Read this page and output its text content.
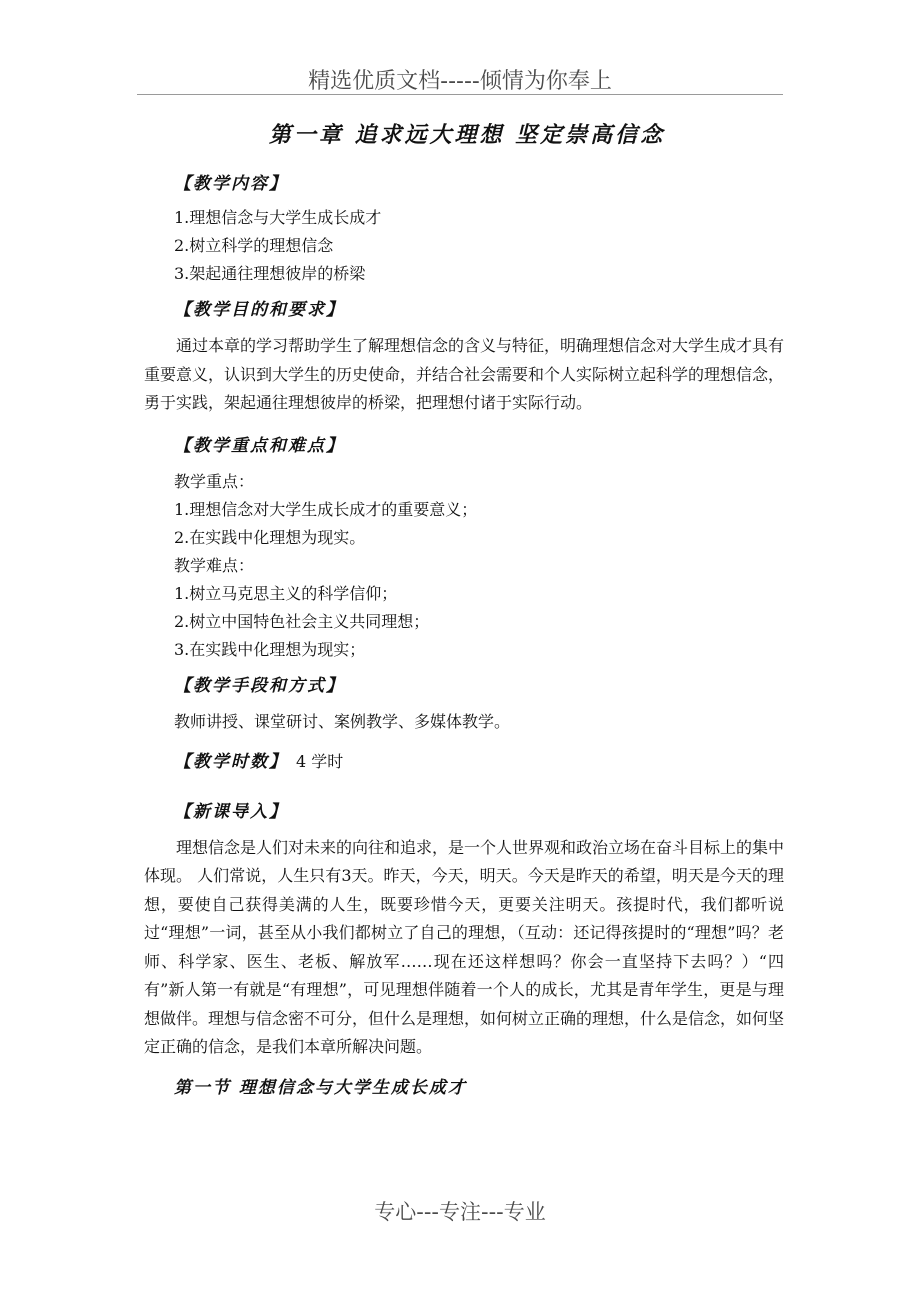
精选优质文档-----倾情为你奉上
第一章 追求远大理想 坚定崇高信念
【教学内容】
1.理想信念与大学生成长成才
2.树立科学的理想信念
3.架起通往理想彼岸的桥梁
【教学目的和要求】
通过本章的学习帮助学生了解理想信念的含义与特征，明确理想信念对大学生成才具有重要意义，认识到大学生的历史使命，并结合社会需要和个人实际树立起科学的理想信念，勇于实践，架起通往理想彼岸的桥梁，把理想付诸于实际行动。
【教学重点和难点】
教学重点：
1.理想信念对大学生成长成才的重要意义；
2.在实践中化理想为现实。
教学难点：
1.树立马克思主义的科学信仰；
2.树立中国特色社会主义共同理想；
3.在实践中化理想为现实；
【教学手段和方式】
教师讲授、课堂研讨、案例教学、多媒体教学。
【教学时数】 4 学时
【新课导入】
理想信念是人们对未来的向往和追求，是一个人世界观和政治立场在奋斗目标上的集中体现。 人们常说，人生只有3天。昨天，今天，明天。今天是昨天的希望，明天是今天的理想，要使自己获得美满的人生，既要珍惜今天，更要关注明天。孩提时代，我们都听说过“理想”一词，甚至从小我们都树立了自己的理想，（互动：还记得孩提时的“理想”吗？老师、科学家、医生、老板、解放军……现在还这样想吗？你会一直坚持下去吗？）“四有”新人第一有就是“有理想”，可见理想伴随着一个人的成长，尤其是青年学生，更是与理想做伴。理想与信念密不可分，但什么是理想，如何树立正确的理想，什么是信念，如何坚定正确的信念，是我们本章所解决问题。
第一节 理想信念与大学生成长成才
专心---专注---专业
